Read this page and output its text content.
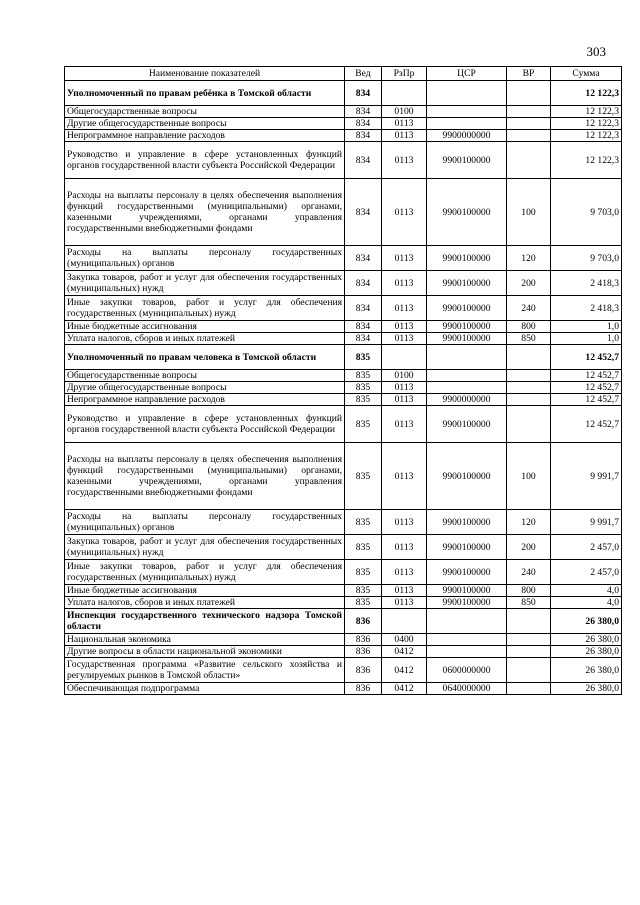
303
Наименование показателей	Вед	РзПр	ЦСР	ВР	Сумма
Уполномоченный по правам ребёнка в Томской области	834				12 122,3
Общегосударственные вопросы	834	0100			12 122,3
Другие общегосударственные вопросы	834	0113			12 122,3
Непрограммное направление расходов	834	0113	9900000000		12 122,3
Руководство и управление в сфере установленных функций органов государственной власти субъекта Российской Федерации	834	0113	9900100000		12 122,3
Расходы на выплаты персоналу в целях обеспечения выполнения функций государственными (муниципальными) органами, казенными учреждениями, органами управления государственными внебюджетными фондами	834	0113	9900100000	100	9 703,0
Расходы на выплаты персоналу государственных (муниципальных) органов	834	0113	9900100000	120	9 703,0
Закупка товаров, работ и услуг для обеспечения государственных (муниципальных) нужд	834	0113	9900100000	200	2 418,3
Иные закупки товаров, работ и услуг для обеспечения государственных (муниципальных) нужд	834	0113	9900100000	240	2 418,3
Иные бюджетные ассигнования	834	0113	9900100000	800	1,0
Уплата налогов, сборов и иных платежей	834	0113	9900100000	850	1,0
Уполномоченный по правам человека в Томской области	835				12 452,7
Общегосударственные вопросы	835	0100			12 452,7
Другие общегосударственные вопросы	835	0113			12 452,7
Непрограммное направление расходов	835	0113	9900000000		12 452,7
Руководство и управление в сфере установленных функций органов государственной власти субъекта Российской Федерации	835	0113	9900100000		12 452,7
Расходы на выплаты персоналу в целях обеспечения выполнения функций государственными (муниципальными) органами, казенными учреждениями, органами управления государственными внебюджетными фондами	835	0113	9900100000	100	9 991,7
Расходы на выплаты персоналу государственных (муниципальных) органов	835	0113	9900100000	120	9 991,7
Закупка товаров, работ и услуг для обеспечения государственных (муниципальных) нужд	835	0113	9900100000	200	2 457,0
Иные закупки товаров, работ и услуг для обеспечения государственных (муниципальных) нужд	835	0113	9900100000	240	2 457,0
Иные бюджетные ассигнования	835	0113	9900100000	800	4,0
Уплата налогов, сборов и иных платежей	835	0113	9900100000	850	4,0
Инспекция государственного технического надзора Томской области	836				26 380,0
Национальная экономика	836	0400			26 380,0
Другие вопросы в области национальной экономики	836	0412			26 380,0
Государственная программа «Развитие сельского хозяйства и регулируемых рынков в Томской области»	836	0412	0600000000		26 380,0
Обеспечивающая подпрограмма	836	0412	0640000000		26 380,0
